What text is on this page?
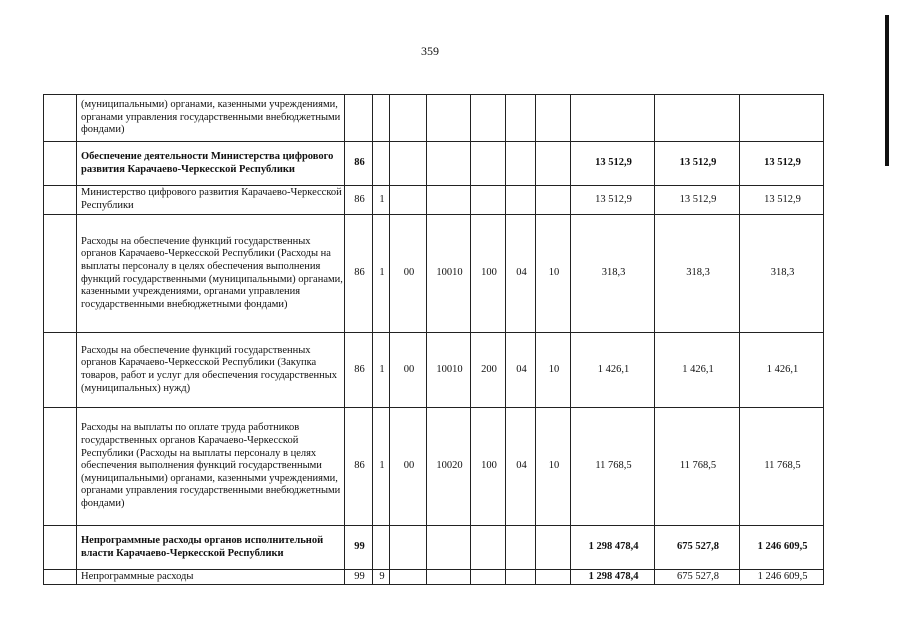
359
	(муниципальными) органами, казенными учреждениями, органами управления государственными внебюджетными фондами)										
	Обеспечение деятельности Министерства цифрового развития Карачаево-Черкесской Республики	86							13 512,9	13 512,9	13 512,9
	Министерство цифрового развития Карачаево-Черкесской Республики	86	1						13 512,9	13 512,9	13 512,9
	Расходы на обеспечение функций государственных органов Карачаево-Черкесской Республики (Расходы на выплаты персоналу в целях обеспечения выполнения функций государственными (муниципальными) органами, казенными учреждениями, органами управления государственными внебюджетными фондами)	86	1	00	10010	100	04	10	318,3	318,3	318,3
	Расходы на обеспечение функций государственных органов Карачаево-Черкесской Республики (Закупка товаров, работ и услуг для обеспечения государственных (муниципальных) нужд)	86	1	00	10010	200	04	10	1 426,1	1 426,1	1 426,1
	Расходы на выплаты по оплате труда работников государственных органов Карачаево-Черкесской Республики (Расходы на выплаты персоналу в целях обеспечения выполнения функций государственными (муниципальными) органами, казенными учреждениями, органами управления государственными внебюджетными фондами)	86	1	00	10020	100	04	10	11 768,5	11 768,5	11 768,5
	Непрограммные расходы органов исполнительной власти Карачаево-Черкесской Республики	99							1 298 478,4	675 527,8	1 246 609,5
	Непрограммные расходы	99	9						1 298 478,4	675 527,8	1 246 609,5
